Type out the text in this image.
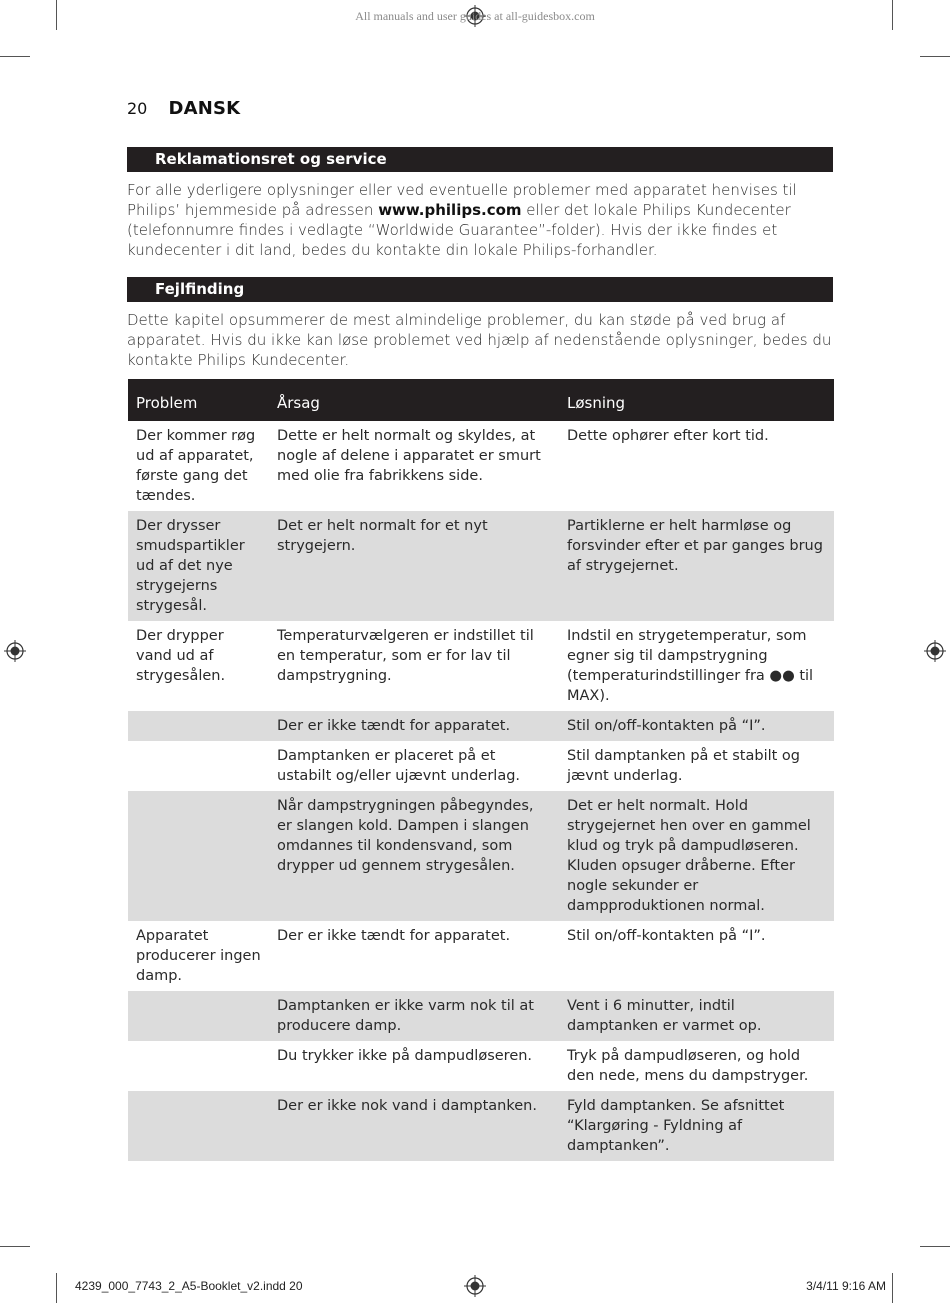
All manuals and user guides at all-guidesbox.com
20 DANSK
Reklamationsret og service
For alle yderligere oplysninger eller ved eventuelle problemer med apparatet henvises til Philips’ hjemmeside på adressen www.philips.com eller det lokale Philips Kundecenter (telefonnumre findes i vedlagte “Worldwide Guarantee”-folder). Hvis der ikke findes et kundecenter i dit land, bedes du kontakte din lokale Philips-forhandler.
Fejlfinding
Dette kapitel opsummerer de mest almindelige problemer, du kan støde på ved brug af apparatet. Hvis du ikke kan løse problemet ved hjælp af nedenstående oplysninger, bedes du kontakte Philips Kundecenter.
Problem	Årsag	Løsning
Der kommer røg ud af apparatet, første gang det tændes.	Dette er helt normalt og skyldes, at nogle af delene i apparatet er smurt med olie fra fabrikkens side.	Dette ophører efter kort tid.
Der drysser smudspartikler ud af det nye strygejerns strygesål.	Det er helt normalt for et nyt strygejern.	Partiklerne er helt harmløse og forsvinder efter et par ganges brug af strygejernet.
Der drypper vand ud af strygesålen.	Temperaturvælgeren er indstillet til en temperatur, som er for lav til dampstrygning.	Indstil en strygetemperatur, som egner sig til dampstrygning (temperaturindstillinger fra ●● til MAX).
	Der er ikke tændt for apparatet.	Stil on/off-kontakten på “I”.
	Damptanken er placeret på et ustabilt og/eller ujævnt underlag.	Stil damptanken på et stabilt og jævnt underlag.
	Når dampstrygningen påbegyndes, er slangen kold. Dampen i slangen omdannes til kondensvand, som drypper ud gennem strygesålen.	Det er helt normalt. Hold strygejernet hen over en gammel klud og tryk på dampudløseren. Kluden opsuger dråberne. Efter nogle sekunder er dampproduktionen normal.
Apparatet producerer ingen damp.	Der er ikke tændt for apparatet.	Stil on/off-kontakten på “I”.
	Damptanken er ikke varm nok til at producere damp.	Vent i 6 minutter, indtil damptanken er varmet op.
	Du trykker ikke på dampudløseren.	Tryk på dampudløseren, og hold den nede, mens du dampstryger.
	Der er ikke nok vand i damptanken.	Fyld damptanken. Se afsnittet “Klargøring - Fyldning af damptanken”.
4239_000_7743_2_A5-Booklet_v2.indd 20	3/4/11 9:16 AM
